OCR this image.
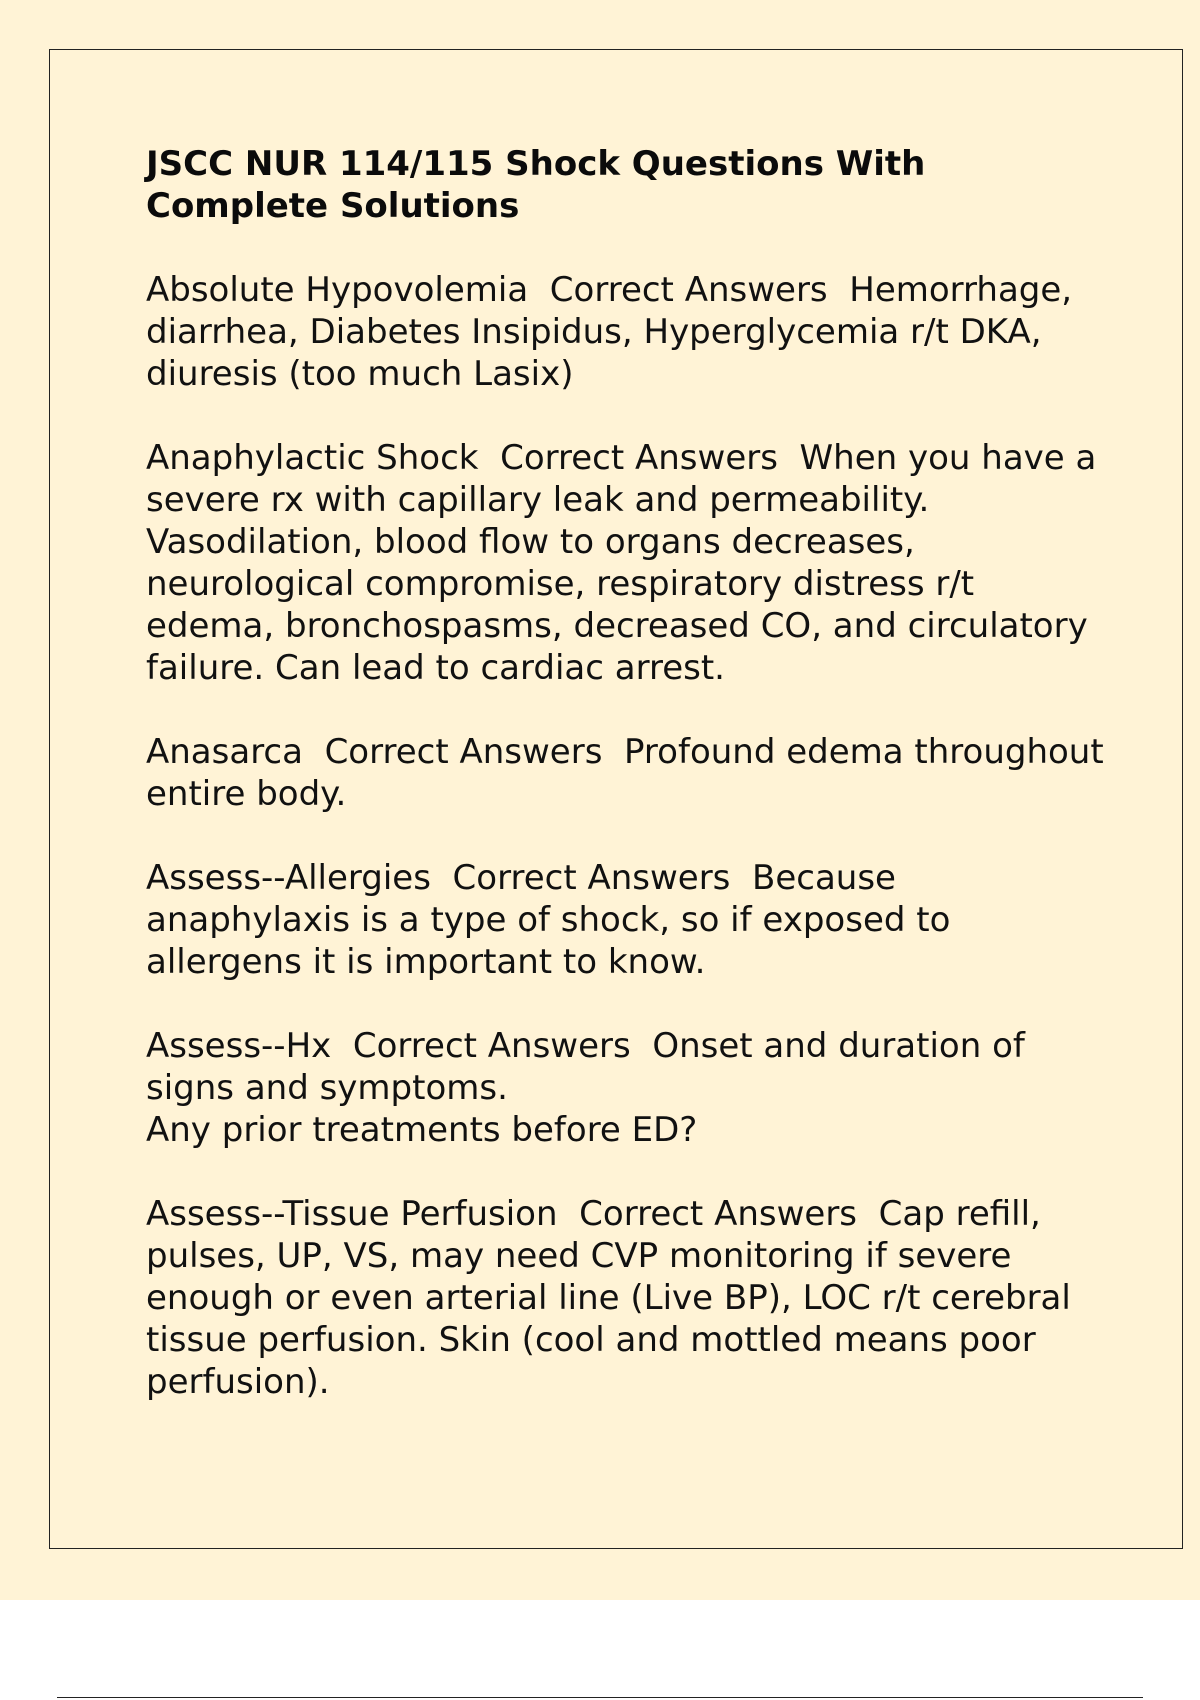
JSCC NUR 114/115 Shock Questions With Complete Solutions
Absolute Hypovolemia  Correct Answers  Hemorrhage, diarrhea, Diabetes Insipidus, Hyperglycemia r/t DKA, diuresis (too much Lasix)
Anaphylactic Shock  Correct Answers  When you have a severe rx with capillary leak and permeability. Vasodilation, blood flow to organs decreases, neurological compromise, respiratory distress r/t edema, bronchospasms, decreased CO, and circulatory failure. Can lead to cardiac arrest.
Anasarca  Correct Answers  Profound edema throughout entire body.
Assess--Allergies  Correct Answers  Because anaphylaxis is a type of shock, so if exposed to allergens it is important to know.
Assess--Hx  Correct Answers  Onset and duration of signs and symptoms.
Any prior treatments before ED?
Assess--Tissue Perfusion  Correct Answers  Cap refill, pulses, UP, VS, may need CVP monitoring if severe enough or even arterial line (Live BP), LOC r/t cerebral tissue perfusion. Skin (cool and mottled means poor perfusion).
